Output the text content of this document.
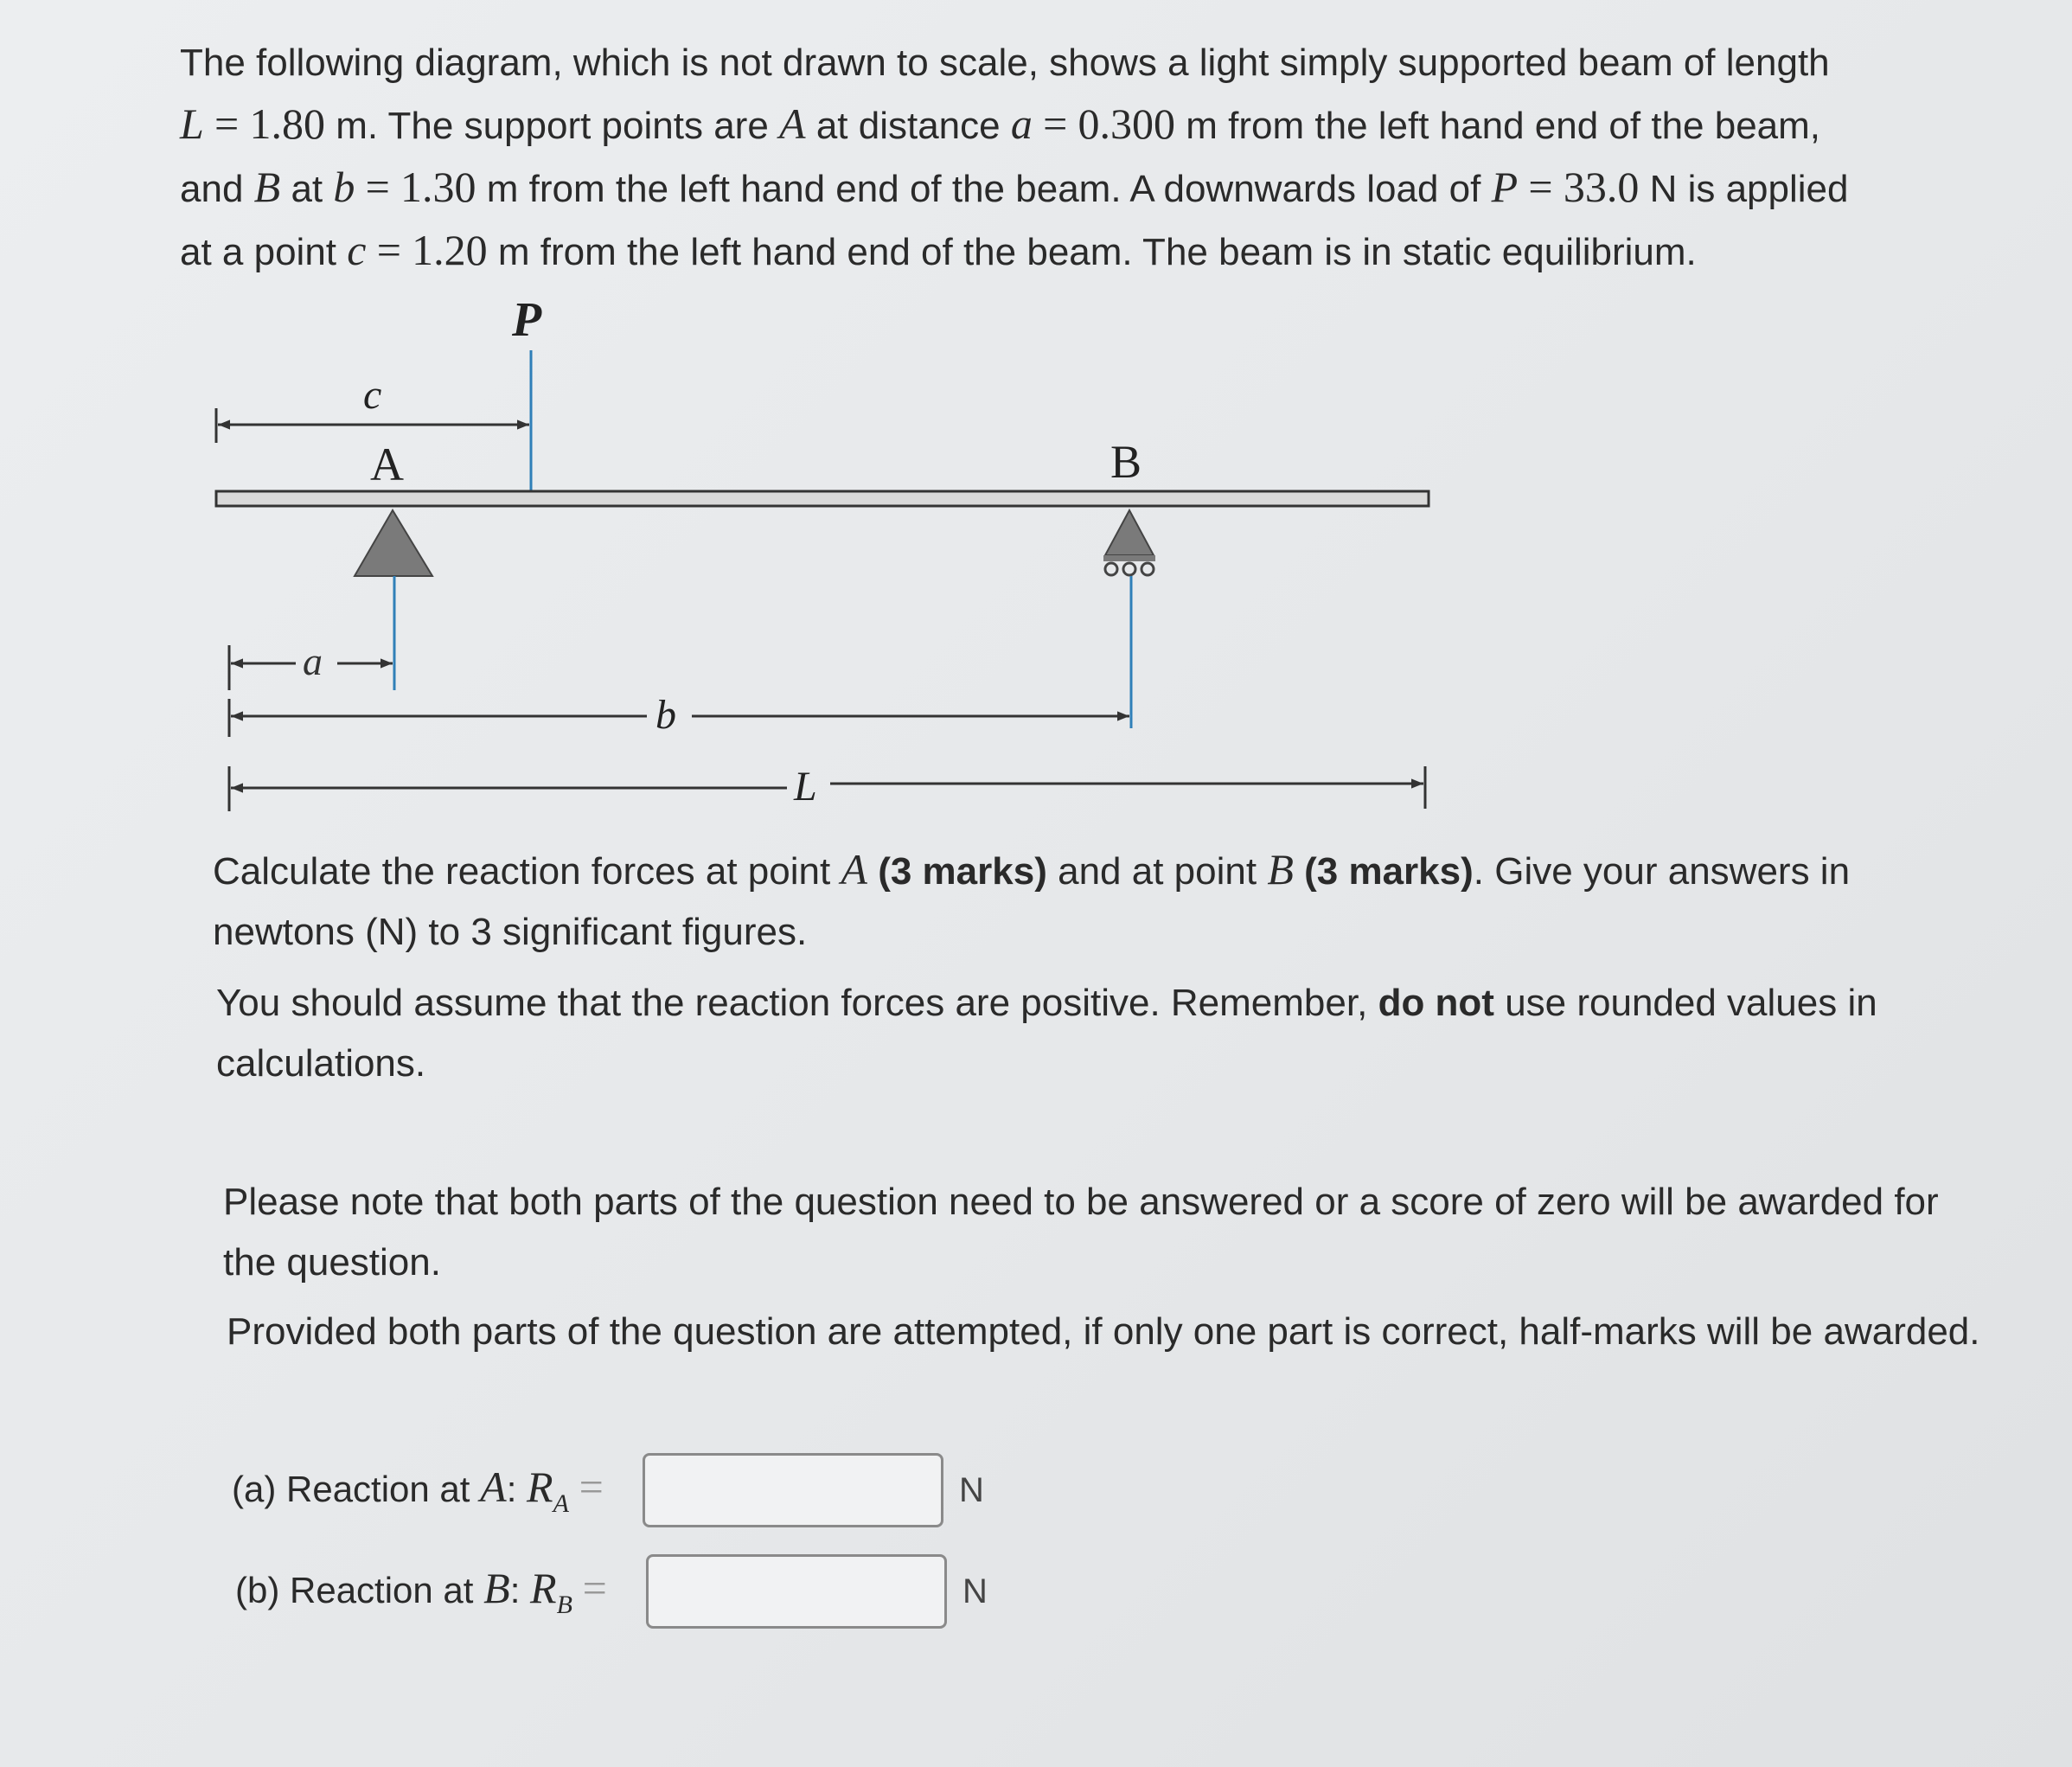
The following diagram, which is not drawn to scale, shows a light simply supported beam of length
L = 1.80 m. The support points are A at distance a = 0.300 m from the left hand end of the beam,
and B at b = 1.30 m from the left hand end of the beam. A downwards load of P = 33.0 N is applied
at a point c = 1.20 m from the left hand end of the beam. The beam is in static equilibrium.

P
c
A	B
a
b
L

Calculate the reaction forces at point A (3 marks) and at point B (3 marks). Give your answers in newtons (N) to 3 significant figures.

You should assume that the reaction forces are positive. Remember, do not use rounded values in calculations.

Please note that both parts of the question need to be answered or a score of zero will be awarded for the question.

Provided both parts of the question are attempted, if only one part is correct, half-marks will be awarded.

(a) Reaction at A: $R_A$ =	N
(b) Reaction at B: $R_B$ =	N
